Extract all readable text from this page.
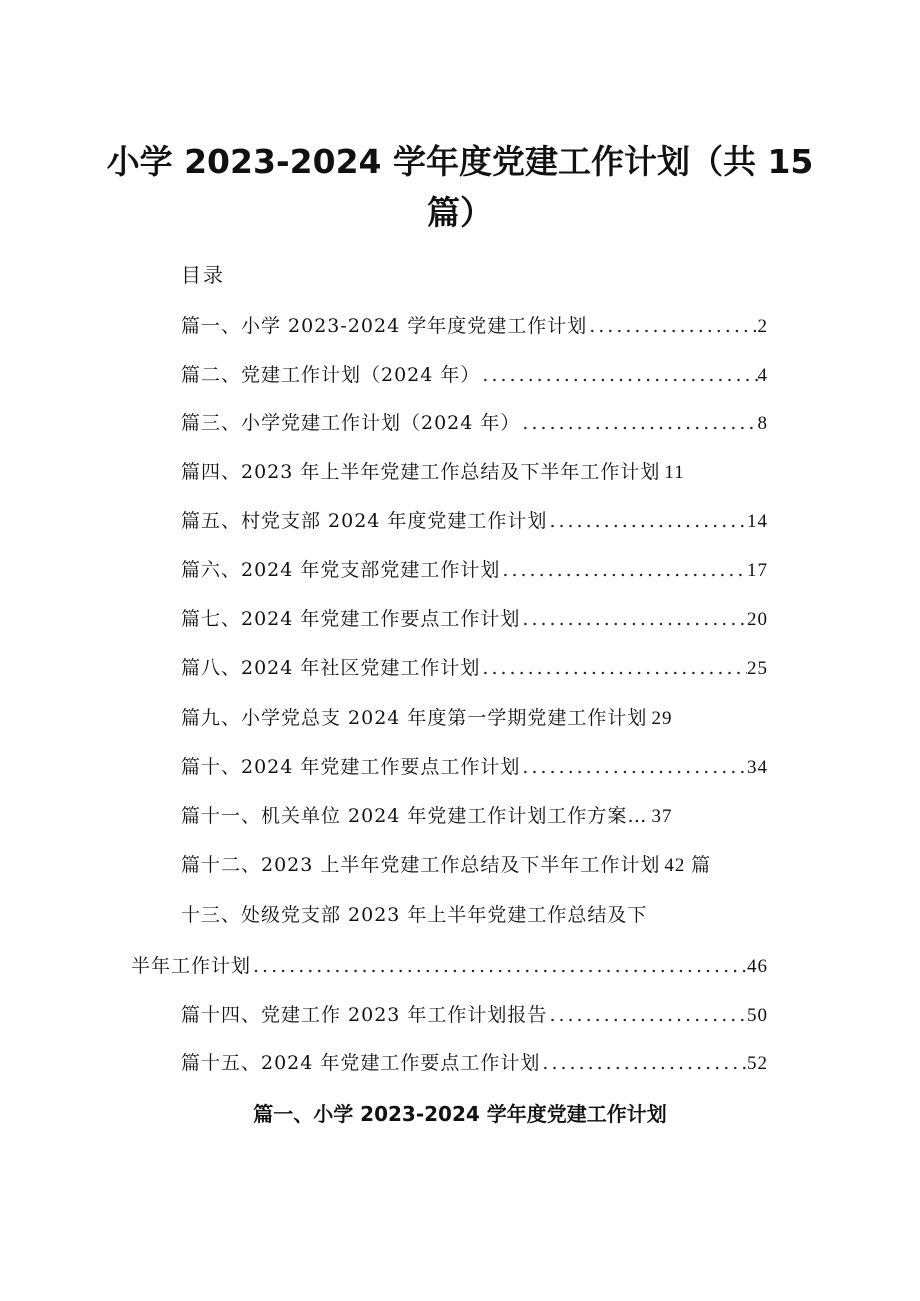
小学 2023-2024 学年度党建工作计划（共 15
篇）
目录
篇一、小学 2023-2024 学年度党建工作计划 .....	2
篇二、党建工作计划（2024 年） .....	4
篇三、小学党建工作计划（2024 年） .....	8
篇四、2023 年上半年党建工作总结及下半年工作计划 11
篇五、村党支部 2024 年度党建工作计划 .....	14
篇六、2024 年党支部党建工作计划 .....	17
篇七、2024 年党建工作要点工作计划 .....	20
篇八、2024 年社区党建工作计划 .....	25
篇九、小学党总支 2024 年度第一学期党建工作计划 29
篇十、2024 年党建工作要点工作计划 .....	34
篇十一、机关单位 2024 年党建工作计划工作方案… 37
篇十二、2023 上半年党建工作总结及下半年工作计划 42 篇
十三、处级党支部 2023 年上半年党建工作总结及下
半年工作计划 .....	46
篇十四、党建工作 2023 年工作计划报告 .....	50
篇十五、2024 年党建工作要点工作计划 .....	52
篇一、小学 2023-2024 学年度党建工作计划
